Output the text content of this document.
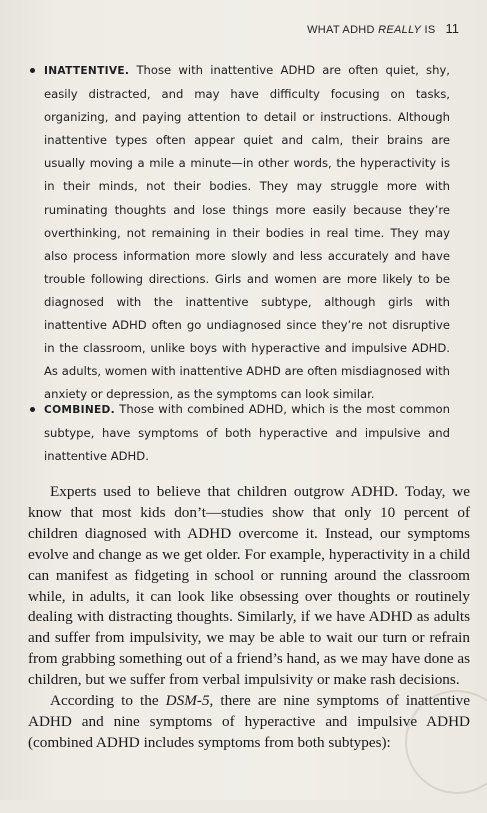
WHAT ADHD REALLY IS 11
INATTENTIVE. Those with inattentive ADHD are often quiet, shy, easily distracted, and may have difficulty focusing on tasks, organizing, and paying attention to detail or instructions. Although inattentive types often appear quiet and calm, their brains are usually moving a mile a minute—in other words, the hyperactivity is in their minds, not their bodies. They may struggle more with ruminating thoughts and lose things more easily because they’re overthinking, not remaining in their bodies in real time. They may also process information more slowly and less accurately and have trouble following directions. Girls and women are more likely to be diagnosed with the inattentive subtype, although girls with inattentive ADHD often go undiagnosed since they’re not disruptive in the classroom, unlike boys with hyperactive and impulsive ADHD. As adults, women with inattentive ADHD are often misdiagnosed with anxiety or depression, as the symptoms can look similar.
COMBINED. Those with combined ADHD, which is the most common subtype, have symptoms of both hyperactive and impulsive and inattentive ADHD.

Experts used to believe that children outgrow ADHD. Today, we know that most kids don’t—studies show that only 10 percent of children diagnosed with ADHD overcome it. Instead, our symptoms evolve and change as we get older. For example, hyperactivity in a child can manifest as fidgeting in school or running around the classroom while, in adults, it can look like obsessing over thoughts or routinely dealing with distracting thoughts. Similarly, if we have ADHD as adults and suffer from impulsivity, we may be able to wait our turn or refrain from grabbing something out of a friend’s hand, as we may have done as children, but we suffer from verbal impulsivity or make rash decisions.

According to the DSM-5, there are nine symptoms of inattentive ADHD and nine symptoms of hyperactive and impulsive ADHD (combined ADHD includes symptoms from both subtypes):
